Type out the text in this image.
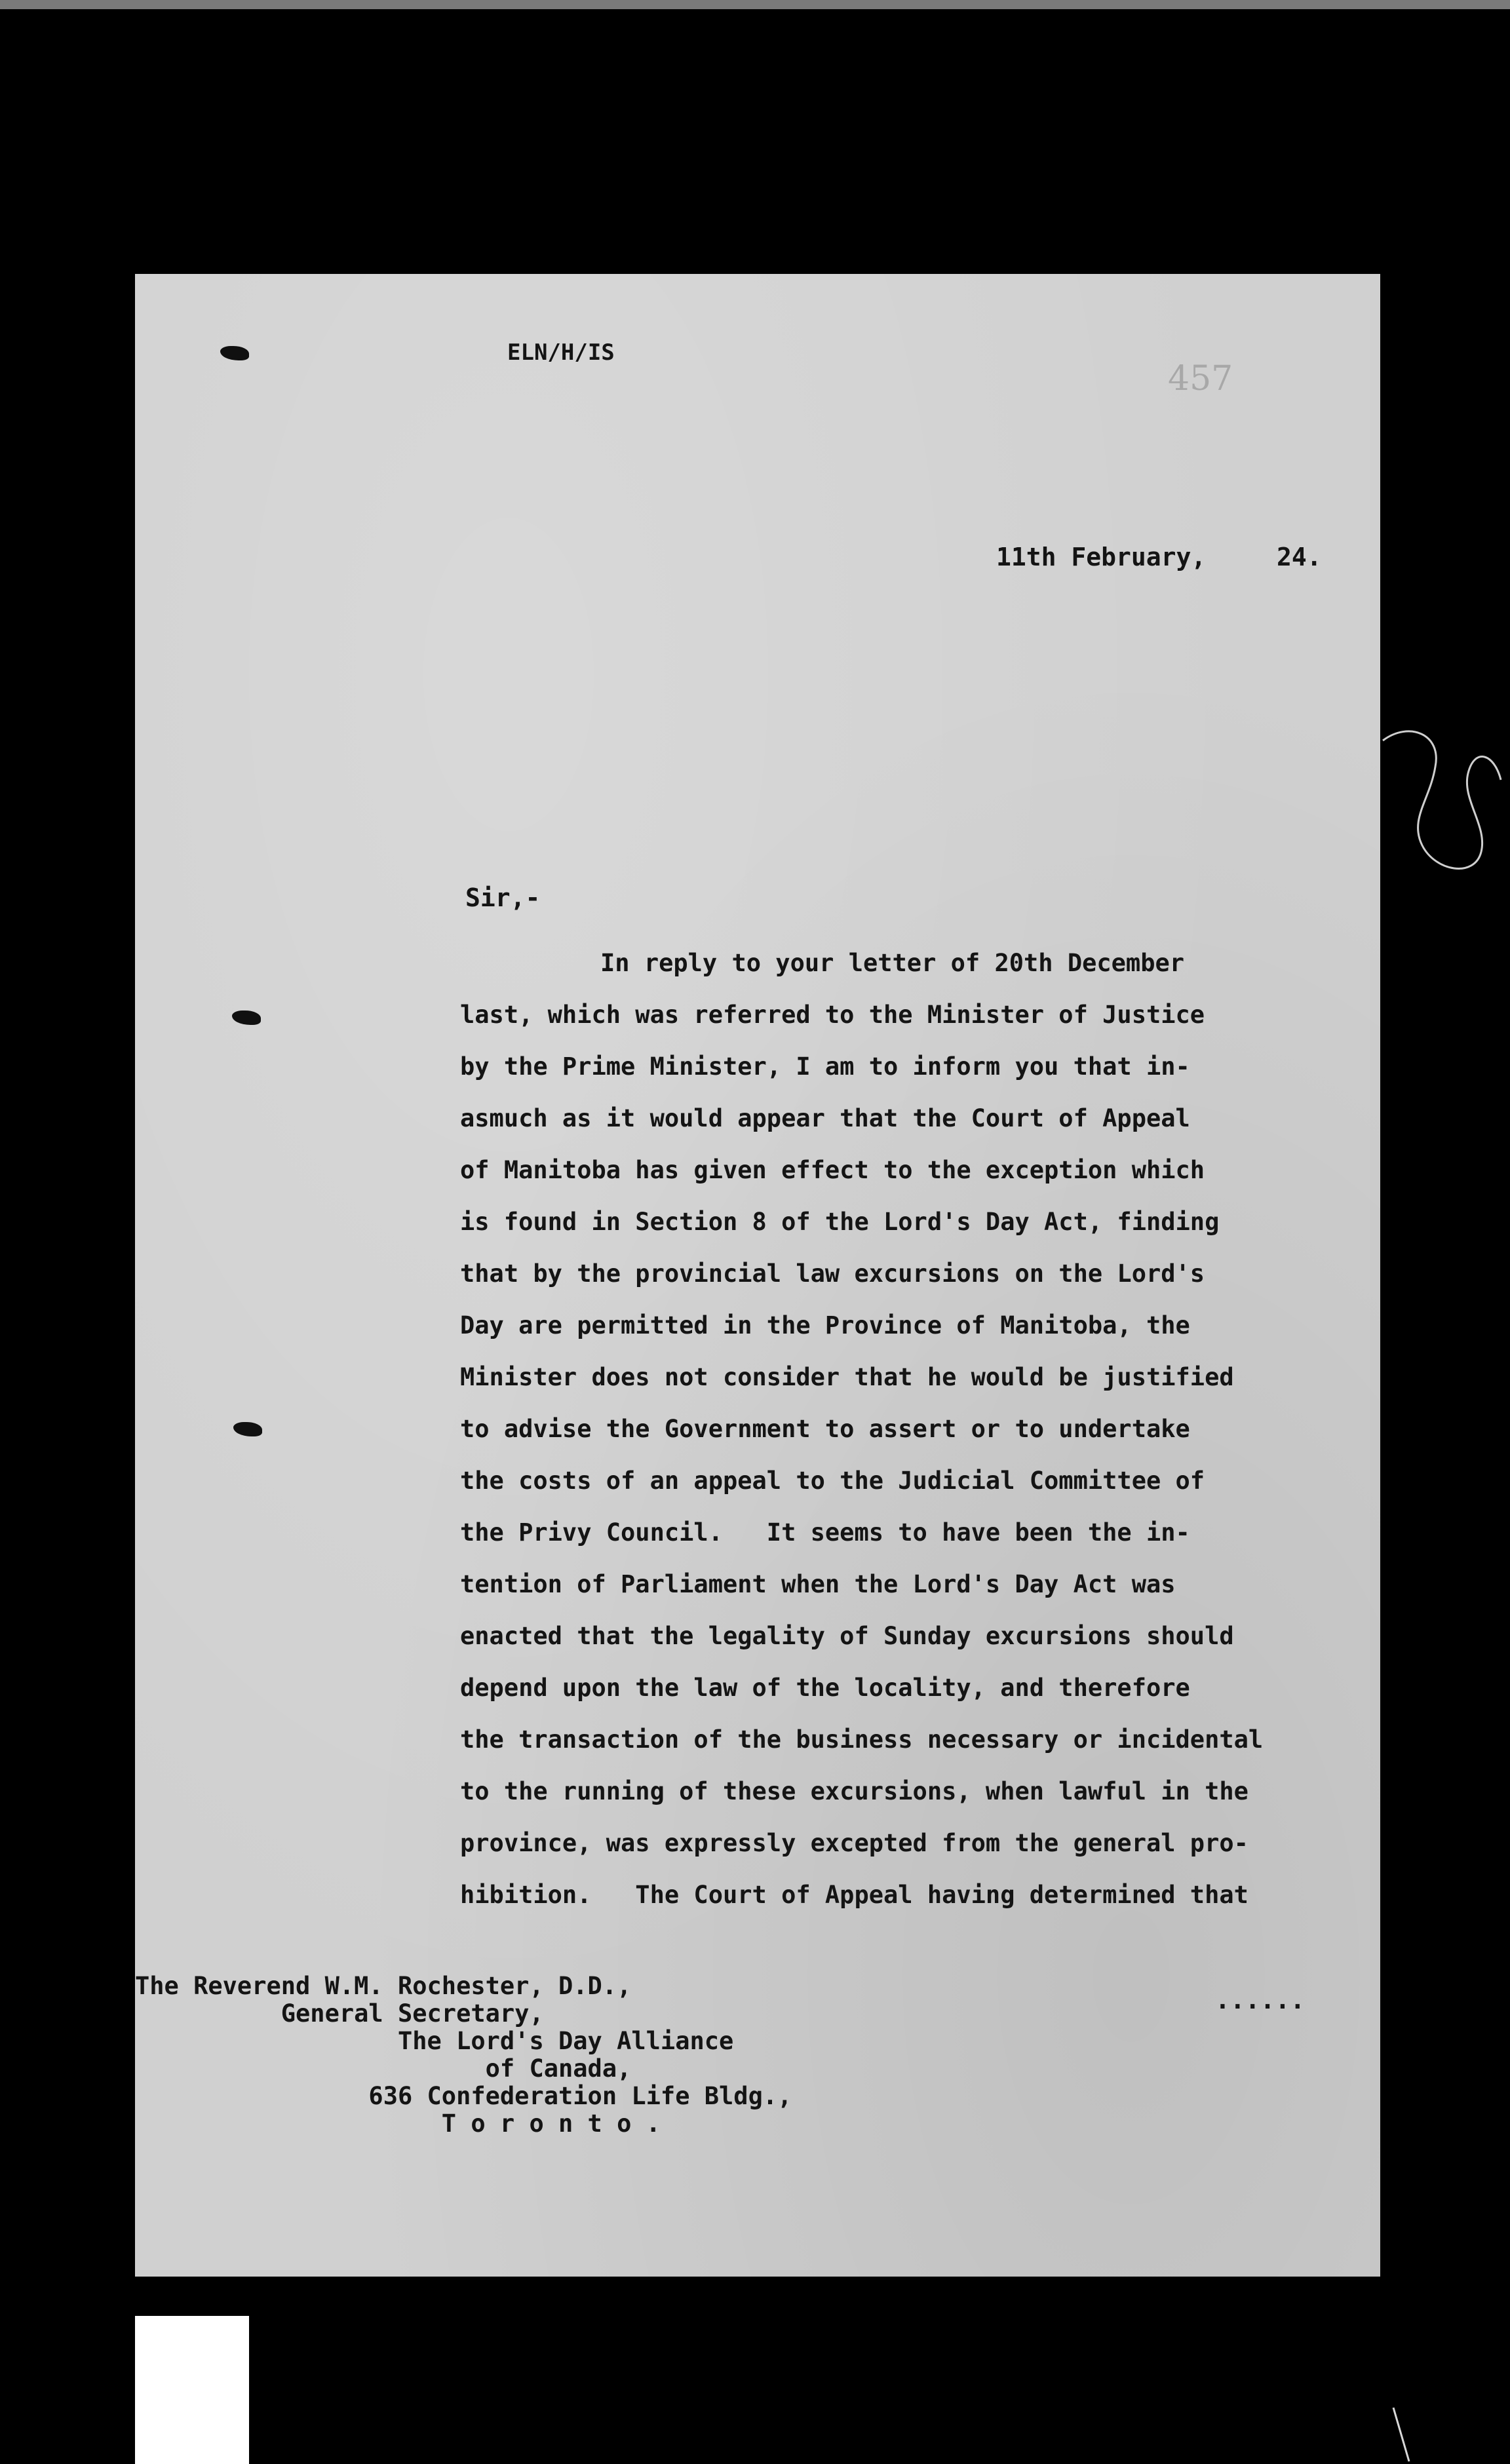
ELN/H/IS
457
11th February,	24.
Sir,-
In reply to your letter of 20th December
last, which was referred to the Minister of Justice
by the Prime Minister, I am to inform you that in-
asmuch as it would appear that the Court of Appeal
of Manitoba has given effect to the exception which
is found in Section 8 of the Lord's Day Act, finding
that by the provincial law excursions on the Lord's
Day are permitted in the Province of Manitoba, the
Minister does not consider that he would be justified
to advise the Government to assert or to undertake
the costs of an appeal to the Judicial Committee of
the Privy Council.   It seems to have been the in-
tention of Parliament when the Lord's Day Act was
enacted that the legality of Sunday excursions should
depend upon the law of the locality, and therefore
the transaction of the business necessary or incidental
to the running of these excursions, when lawful in the
province, was expressly excepted from the general pro-
hibition.   The Court of Appeal having determined that
......
The Reverend W.M. Rochester, D.D.,
General Secretary,
The Lord's Day Alliance
of Canada,
636 Confederation Life Bldg.,
T o r o n t o .
